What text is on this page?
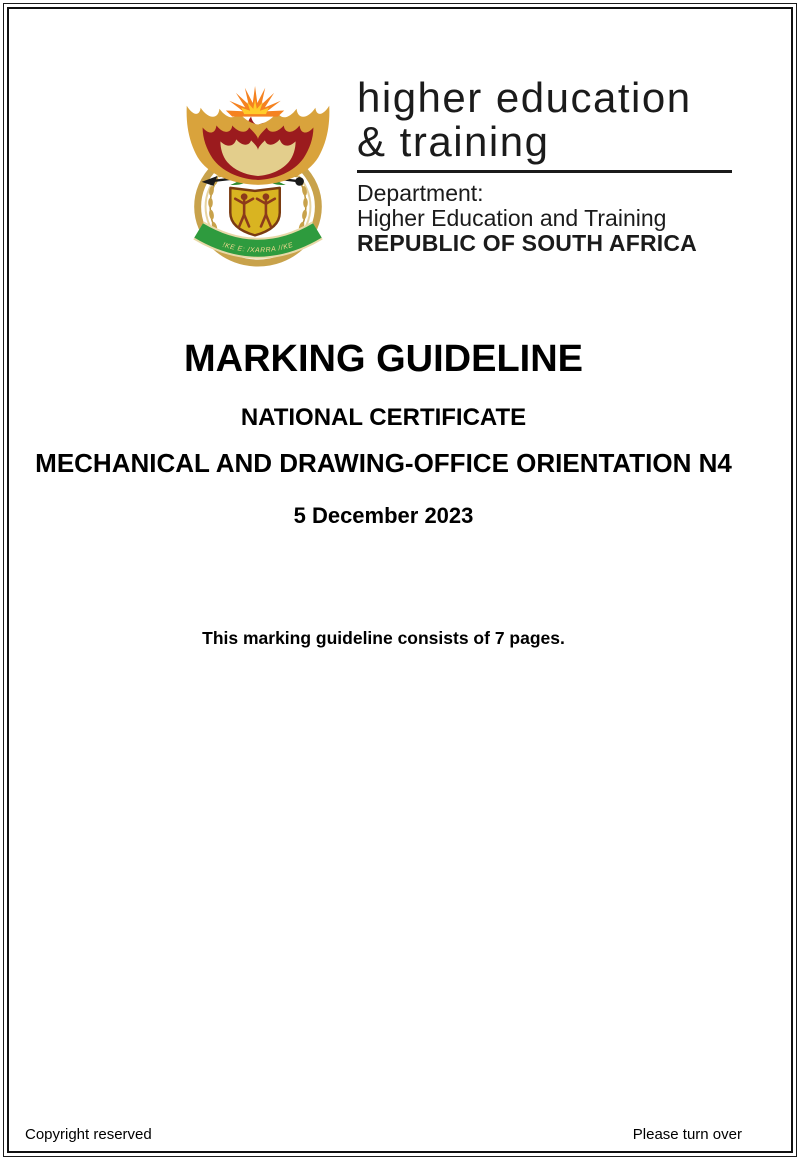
!KE E: /XARRA //KE
higher education
& training
Department:
Higher Education and Training
REPUBLIC OF SOUTH AFRICA
MARKING GUIDELINE
NATIONAL CERTIFICATE
MECHANICAL AND DRAWING-OFFICE ORIENTATION N4
5 December 2023
This marking guideline consists of 7 pages.
Copyright reserved	Please turn over
